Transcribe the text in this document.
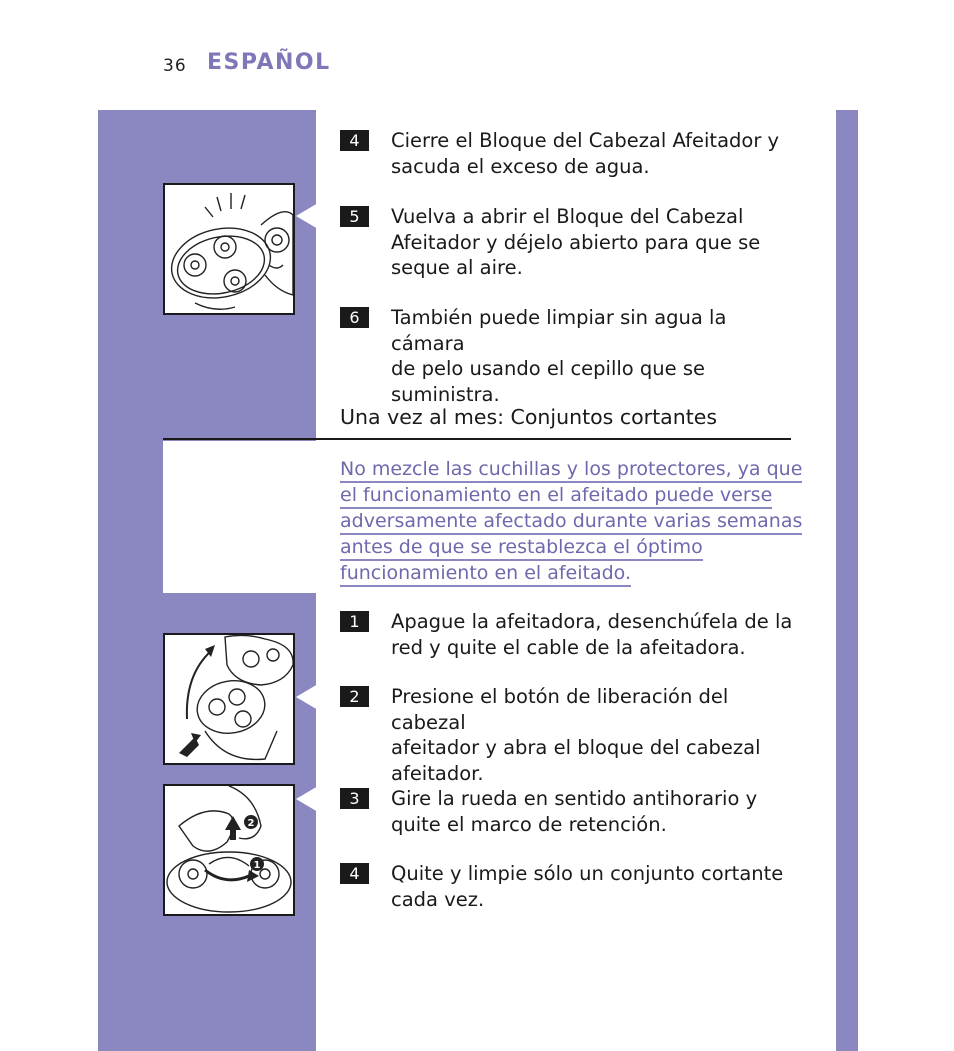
36 ESPAÑOL
2
1
4	Cierre el Bloque del Cabezal Afeitador y
sacuda el exceso de agua.
5	Vuelva a abrir el Bloque del Cabezal
Afeitador y déjelo abierto para que se
seque al aire.
6	También puede limpiar sin agua la cámara
de pelo usando el cepillo que se
suministra.
Una vez al mes: Conjuntos cortantes
No mezcle las cuchillas y los protectores, ya que
el funcionamiento en el afeitado puede verse
adversamente afectado durante varias semanas
antes de que se restablezca el óptimo
funcionamiento en el afeitado.
1	Apague la afeitadora, desenchúfela de la
red y quite el cable de la afeitadora.
2	Presione el botón de liberación del cabezal
afeitador y abra el bloque del cabezal
afeitador.
3	Gire la rueda en sentido antihorario y
quite el marco de retención.
4	Quite y limpie sólo un conjunto cortante
cada vez.
